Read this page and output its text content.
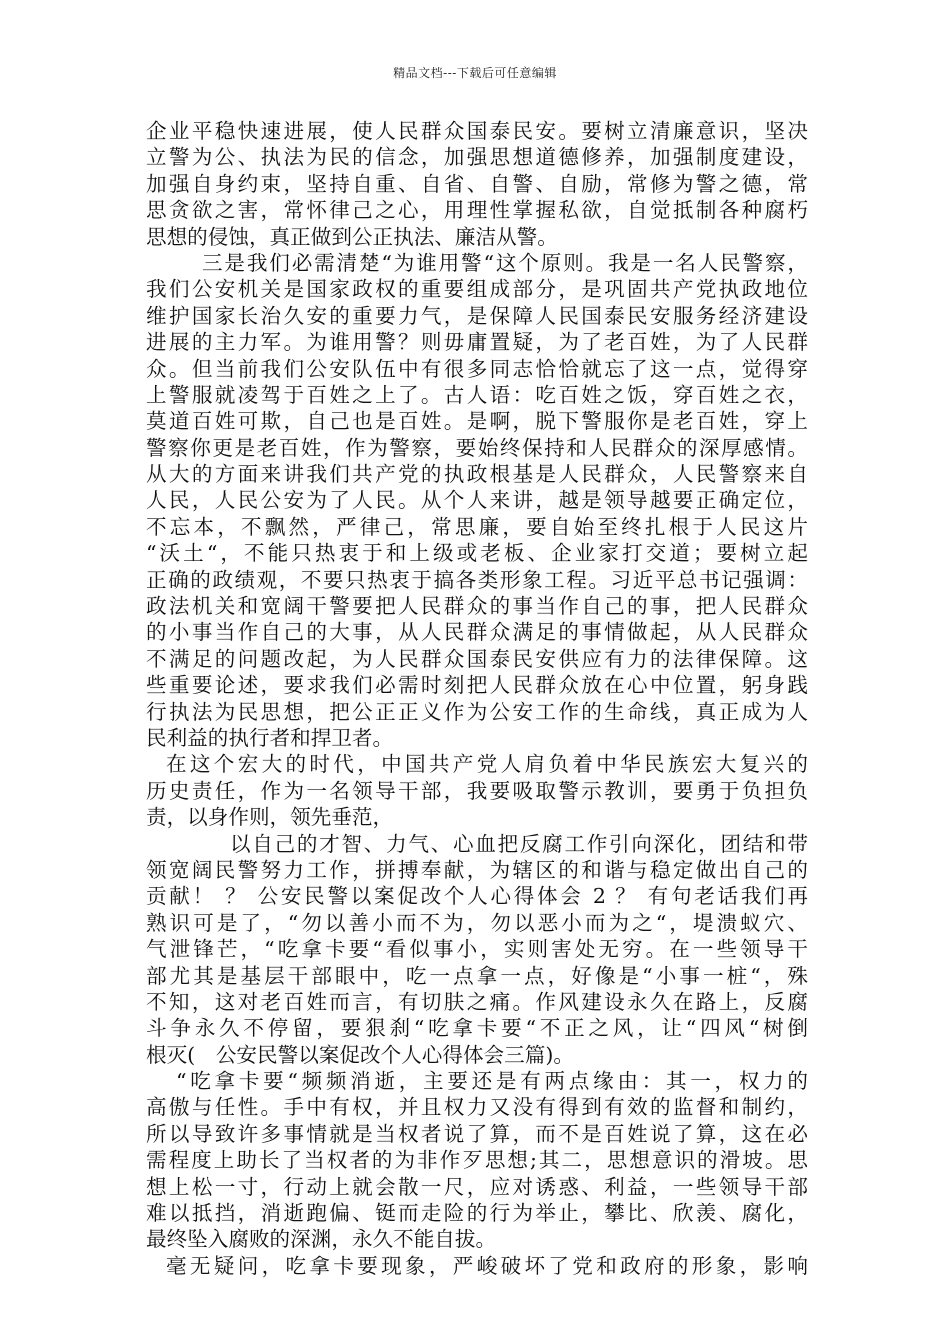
精品文档---下载后可任意编辑
企业平稳快速进展，使人民群众国泰民安。要树立清廉意识，坚决
立警为公、执法为民的信念，加强思想道德修养，加强制度建设，
加强自身约束，坚持自重、自省、自警、自励，常修为警之德，常
思贪欲之害，常怀律己之心，用理性掌握私欲，自觉抵制各种腐朽
思想的侵蚀，真正做到公正执法、廉洁从警。
三是我们必需清楚“为谁用警“这个原则。我是一名人民警察，
我们公安机关是国家政权的重要组成部分，是巩固共产党执政地位
维护国家长治久安的重要力气，是保障人民国泰民安服务经济建设
进展的主力军。为谁用警？则毋庸置疑，为了老百姓，为了人民群
众。但当前我们公安队伍中有很多同志恰恰就忘了这一点，觉得穿
上警服就凌驾于百姓之上了。古人语：吃百姓之饭，穿百姓之衣，
莫道百姓可欺，自己也是百姓。是啊，脱下警服你是老百姓，穿上
警察你更是老百姓，作为警察，要始终保持和人民群众的深厚感情。
从大的方面来讲我们共产党的执政根基是人民群众，人民警察来自
人民，人民公安为了人民。从个人来讲，越是领导越要正确定位，
不忘本，不飘然，严律己，常思廉，要自始至终扎根于人民这片
“沃土“，不能只热衷于和上级或老板、企业家打交道；要树立起
正确的政绩观，不要只热衷于搞各类形象工程。习近平总书记强调：
政法机关和宽阔干警要把人民群众的事当作自己的事，把人民群众
的小事当作自己的大事，从人民群众满足的事情做起，从人民群众
不满足的问题改起，为人民群众国泰民安供应有力的法律保障。这
些重要论述，要求我们必需时刻把人民群众放在心中位置，躬身践
行执法为民思想，把公正正义作为公安工作的生命线，真正成为人
民利益的执行者和捍卫者。
在这个宏大的时代，中国共产党人肩负着中华民族宏大复兴的
历史责任，作为一名领导干部，我要吸取警示教训，要勇于负担负
责，以身作则，领先垂范，
以自己的才智、力气、心血把反腐工作引向深化，团结和带
领宽阔民警努力工作，拼搏奉献，为辖区的和谐与稳定做出自己的
贡献！ ？ 公安民警以案促改个人心得体会 2 ？ 有句老话我们再
熟识可是了，“勿以善小而不为，勿以恶小而为之“，堤溃蚁穴、
气泄锋芒，“吃拿卡要“看似事小，实则害处无穷。在一些领导干
部尤其是基层干部眼中，吃一点拿一点，好像是“小事一桩“，殊
不知，这对老百姓而言，有切肤之痛。作风建设永久在路上，反腐
斗争永久不停留，要狠刹“吃拿卡要“不正之风，让“四风“树倒
根灭(　公安民警以案促改个人心得体会三篇)。
“吃拿卡要“频频消逝，主要还是有两点缘由：其一，权力的
高傲与任性。手中有权，并且权力又没有得到有效的监督和制约，
所以导致许多事情就是当权者说了算，而不是百姓说了算，这在必
需程度上助长了当权者的为非作歹思想;其二，思想意识的滑坡。思
想上松一寸，行动上就会散一尺，应对诱惑、利益，一些领导干部
难以抵挡，消逝跑偏、铤而走险的行为举止，攀比、欣羡、腐化，
最终坠入腐败的深渊，永久不能自拔。
毫无疑问，吃拿卡要现象，严峻破坏了党和政府的形象，影响
